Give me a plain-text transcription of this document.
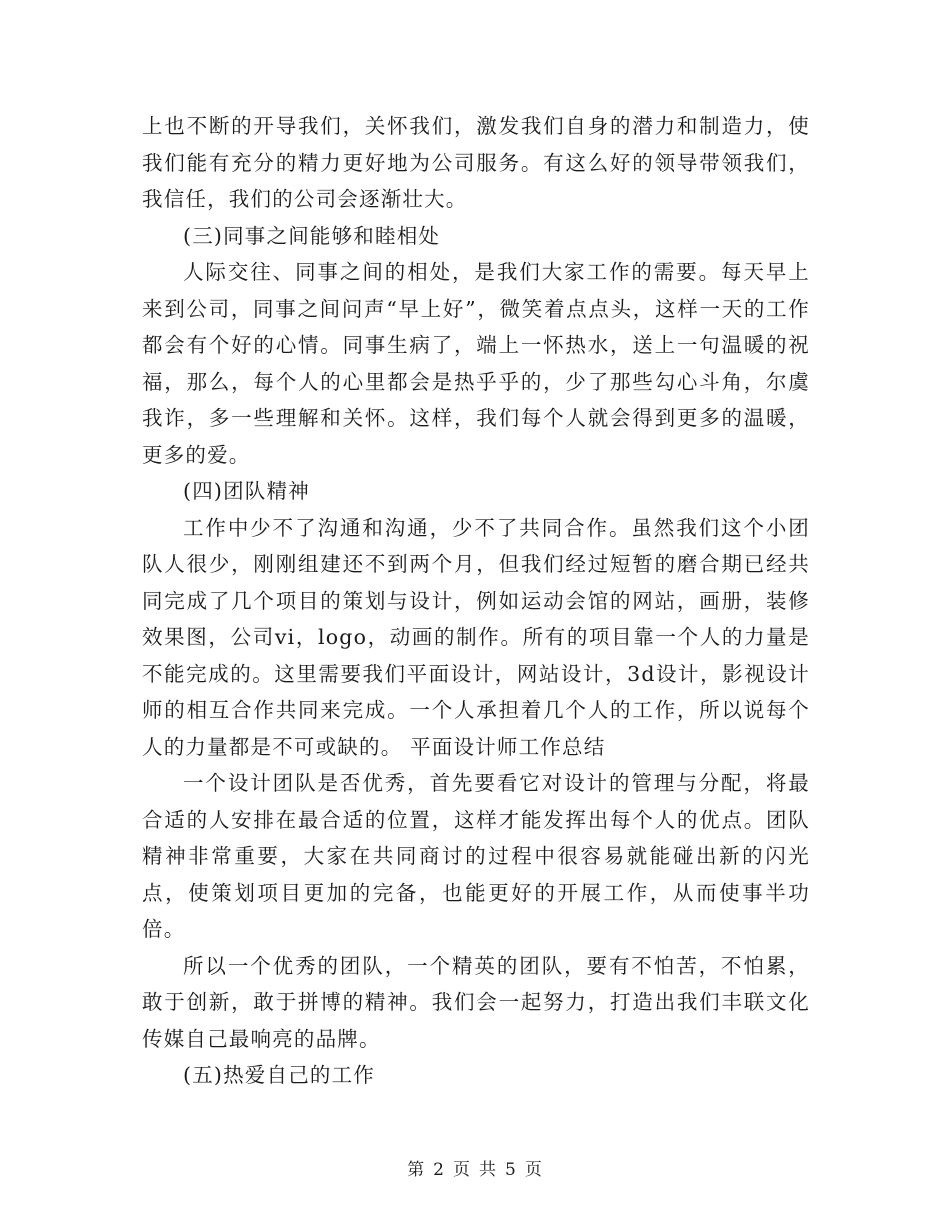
上也不断的开导我们，关怀我们，激发我们自身的潜力和制造力，使我们能有充分的精力更好地为公司服务。有这么好的领导带领我们，我信任，我们的公司会逐渐壮大。

(三)同事之间能够和睦相处

人际交往、同事之间的相处，是我们大家工作的需要。每天早上来到公司，同事之间问声“早上好”，微笑着点点头，这样一天的工作都会有个好的心情。同事生病了，端上一怀热水，送上一句温暖的祝福，那么，每个人的心里都会是热乎乎的，少了那些勾心斗角，尔虞我诈，多一些理解和关怀。这样，我们每个人就会得到更多的温暖，更多的爱。

(四)团队精神

工作中少不了沟通和沟通，少不了共同合作。虽然我们这个小团队人很少，刚刚组建还不到两个月，但我们经过短暂的磨合期已经共同完成了几个项目的策划与设计，例如运动会馆的网站，画册，装修效果图，公司vi，logo，动画的制作。所有的项目靠一个人的力量是不能完成的。这里需要我们平面设计，网站设计，3d设计，影视设计师的相互合作共同来完成。一个人承担着几个人的工作，所以说每个人的力量都是不可或缺的。 平面设计师工作总结

一个设计团队是否优秀，首先要看它对设计的管理与分配，将最合适的人安排在最合适的位置，这样才能发挥出每个人的优点。团队精神非常重要，大家在共同商讨的过程中很容易就能碰出新的闪光点，使策划项目更加的完备，也能更好的开展工作，从而使事半功倍。

所以一个优秀的团队，一个精英的团队，要有不怕苦，不怕累，敢于创新，敢于拼博的精神。我们会一起努力，打造出我们丰联文化传媒自己最响亮的品牌。

(五)热爱自己的工作

第 2 页 共 5 页
